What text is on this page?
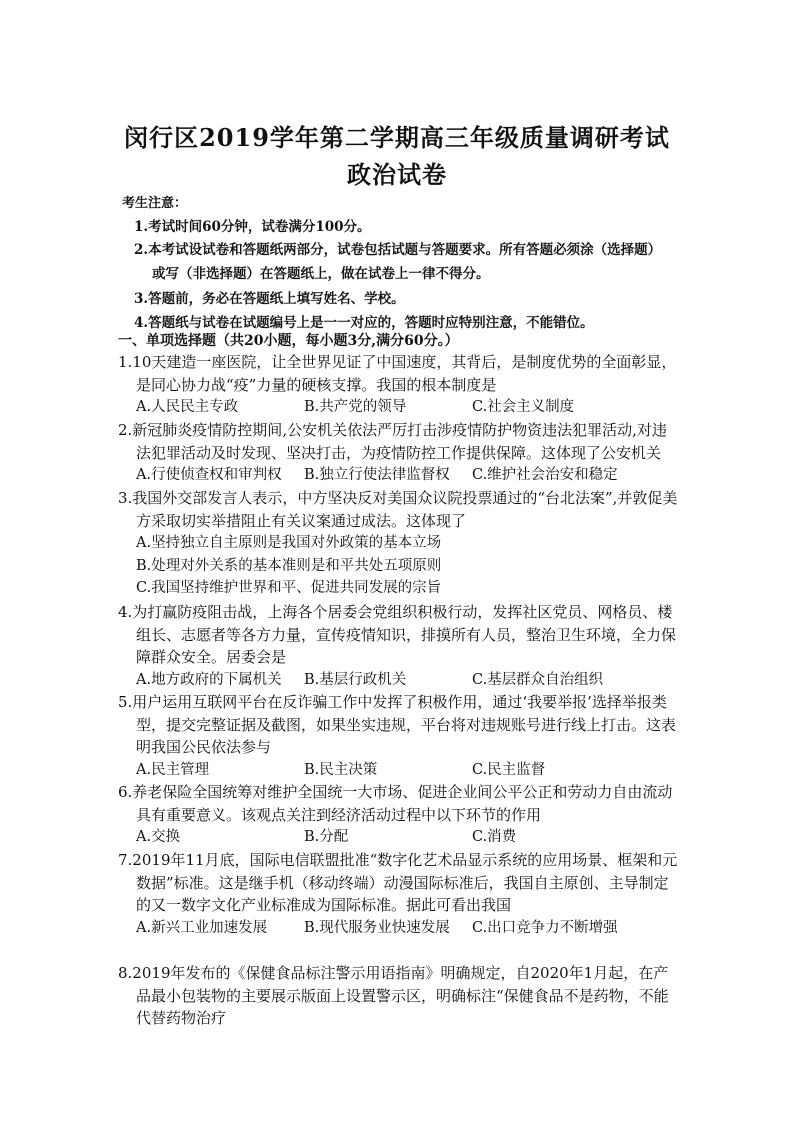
闵行区2019学年第二学期高三年级质量调研考试
政治试卷
考生注意：
1.考试时间60分钟，试卷满分100分。
2.本考试设试卷和答题纸两部分，试卷包括试题与答题要求。所有答题必须涂（选择题）
或写（非选择题）在答题纸上，做在试卷上一律不得分。
3.答题前，务必在答题纸上填写姓名、学校。
4.答题纸与试卷在试题编号上是一一对应的，答题时应特别注意，不能错位。
一、单项选择题（共20小题，每小题3分,满分60分。）
1.10天建造一座医院，让全世界见证了中国速度，其背后，是制度优势的全面彰显，是同心协力战“疫”力量的硬核支撑。我国的根本制度是
A.人民民主专政	B.共产党的领导	C.社会主义制度
2.新冠肺炎疫情防控期间,公安机关依法严厉打击涉疫情防护物资违法犯罪活动,对违法犯罪活动及时发现、坚决打击，为疫情防控工作提供保障。这体现了公安机关
A.行使侦查权和审判权	B.独立行使法律监督权	C.维护社会治安和稳定
3.我国外交部发言人表示，中方坚决反对美国众议院投票通过的“台北法案”,并敦促美方采取切实举措阻止有关议案通过成法。这体现了
A.坚持独立自主原则是我国对外政策的基本立场
B.处理对外关系的基本准则是和平共处五项原则
C.我国坚持维护世界和平、促进共同发展的宗旨
4.为打赢防疫阻击战，上海各个居委会党组织积极行动，发挥社区党员、网格员、楼组长、志愿者等各方力量，宣传疫情知识，排摸所有人员，整治卫生环境，全力保障群众安全。居委会是
A.地方政府的下属机关	B.基层行政机关	C.基层群众自治组织
5.用户运用互联网平台在反诈骗工作中发挥了积极作用，通过‘我要举报’选择举报类型，提交完整证据及截图，如果坐实违规，平台将对违规账号进行线上打击。这表明我国公民依法参与
A.民主管理	B.民主决策	C.民主监督
6.养老保险全国统筹对维护全国统一大市场、促进企业间公平公正和劳动力自由流动具有重要意义。该观点关注到经济活动过程中以下环节的作用
A.交换	B.分配	C.消费
7.2019年11月底，国际电信联盟批准“数字化艺术品显示系统的应用场景、框架和元数据”标准。这是继手机（移动终端）动漫国际标准后，我国自主原创、主导制定的又一数字文化产业标准成为国际标准。据此可看出我国
A.新兴工业加速发展	B.现代服务业快速发展	C.出口竞争力不断增强
8.2019年发布的《保健食品标注警示用语指南》明确规定，自2020年1月起，在产品最小包装物的主要展示版面上设置警示区，明确标注“保健食品不是药物，不能代替药物治疗
